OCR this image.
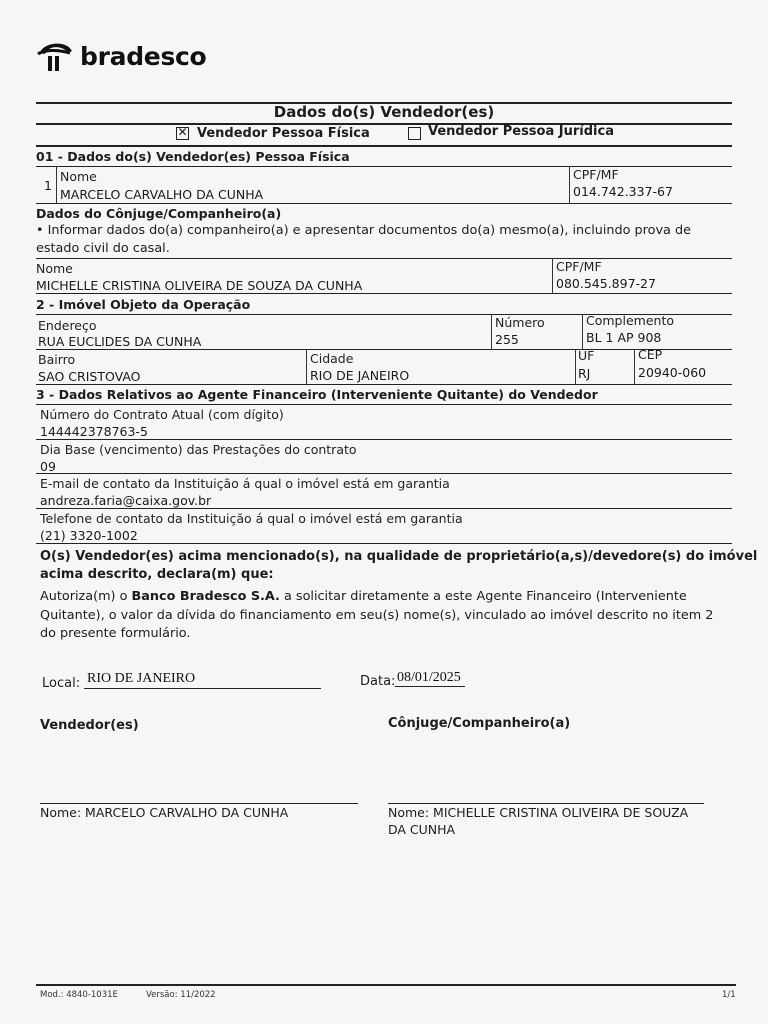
bradesco
Dados do(s) Vendedor(es)
✕ Vendedor Pessoa Física	Vendedor Pessoa Jurídica
01 - Dados do(s) Vendedor(es) Pessoa Física
1
Nome
MARCELO CARVALHO DA CUNHA
CPF/MF
014.742.337-67
Dados do Cônjuge/Companheiro(a)
• Informar dados do(a) companheiro(a) e apresentar documentos do(a) mesmo(a), incluindo prova de
estado civil do casal.
Nome
MICHELLE CRISTINA OLIVEIRA DE SOUZA DA CUNHA
CPF/MF
080.545.897-27
2 - Imóvel Objeto da Operação
Endereço
RUA EUCLIDES DA CUNHA
Número
255
Complemento
BL 1 AP 908
Bairro
SAO CRISTOVAO
Cidade
RIO DE JANEIRO
UF
RJ
CEP
20940-060
3 - Dados Relativos ao Agente Financeiro (Interveniente Quitante) do Vendedor
Número do Contrato Atual (com dígito)
144442378763-5
Dia Base (vencimento) das Prestações do contrato
09
E-mail de contato da Instituição á qual o imóvel está em garantia
andreza.faria@caixa.gov.br
Telefone de contato da Instituição á qual o imóvel está em garantia
(21) 3320-1002
O(s) Vendedor(es) acima mencionado(s), na qualidade de proprietário(a,s)/devedore(s) do imóvel
acima descrito, declara(m) que:
Autoriza(m) o Banco Bradesco S.A. a solicitar diretamente a este Agente Financeiro (Interveniente
Quitante), o valor da dívida do financiamento em seu(s) nome(s), vinculado ao imóvel descrito no item 2
do presente formulário.
Local: RIO DE JANEIRO	Data: 08/01/2025
Vendedor(es)	Cônjuge/Companheiro(a)
Nome: MARCELO CARVALHO DA CUNHA	Nome: MICHELLE CRISTINA OLIVEIRA DE SOUZA
DA CUNHA
Mod.: 4840-1031E	Versão: 11/2022	1/1
